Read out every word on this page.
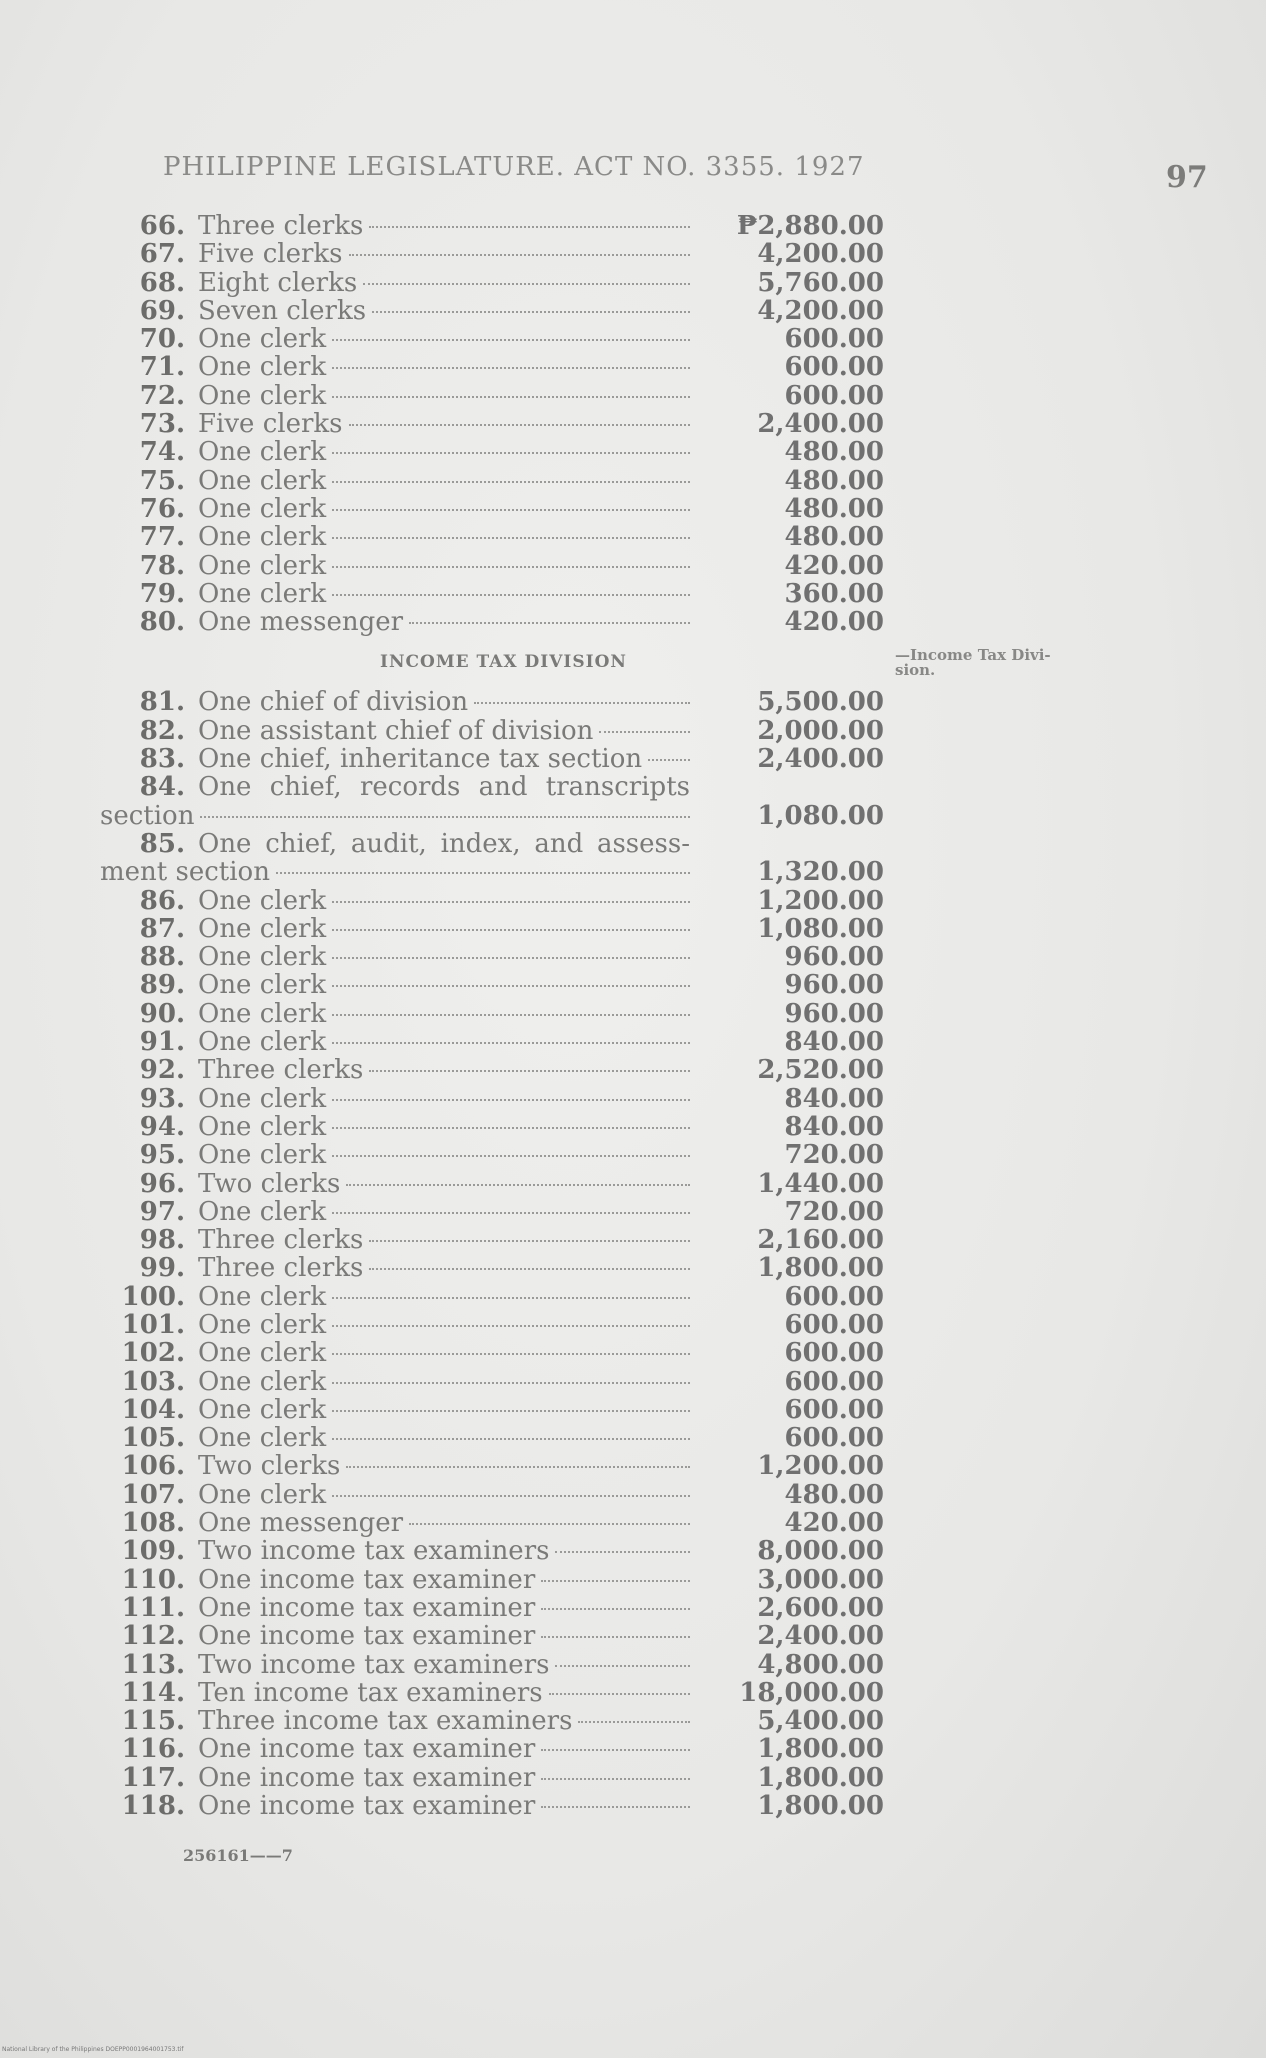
PHILIPPINE LEGISLATURE. ACT NO. 3355. 1927	97
66. Three clerks	₱2,880.00
67. Five clerks	4,200.00
68. Eight clerks	5,760.00
69. Seven clerks	4,200.00
70. One clerk	600.00
71. One clerk	600.00
72. One clerk	600.00
73. Five clerks	2,400.00
74. One clerk	480.00
75. One clerk	480.00
76. One clerk	480.00
77. One clerk	480.00
78. One clerk	420.00
79. One clerk	360.00
80. One messenger	420.00
INCOME TAX DIVISION	—Income Tax Divi-
sion.
81. One chief of division	5,500.00
82. One assistant chief of division	2,000.00
83. One chief, inheritance tax section	2,400.00
84. One chief, records and transcripts
section	1,080.00
85. One chief, audit, index, and assess-
ment section	1,320.00
86. One clerk	1,200.00
87. One clerk	1,080.00
88. One clerk	960.00
89. One clerk	960.00
90. One clerk	960.00
91. One clerk	840.00
92. Three clerks	2,520.00
93. One clerk	840.00
94. One clerk	840.00
95. One clerk	720.00
96. Two clerks	1,440.00
97. One clerk	720.00
98. Three clerks	2,160.00
99. Three clerks	1,800.00
100. One clerk	600.00
101. One clerk	600.00
102. One clerk	600.00
103. One clerk	600.00
104. One clerk	600.00
105. One clerk	600.00
106. Two clerks	1,200.00
107. One clerk	480.00
108. One messenger	420.00
109. Two income tax examiners	8,000.00
110. One income tax examiner	3,000.00
111. One income tax examiner	2,600.00
112. One income tax examiner	2,400.00
113. Two income tax examiners	4,800.00
114. Ten income tax examiners	18,000.00
115. Three income tax examiners	5,400.00
116. One income tax examiner	1,800.00
117. One income tax examiner	1,800.00
118. One income tax examiner	1,800.00
256161——7
National Library of the Philippines DOEPP0001964001753.tif
